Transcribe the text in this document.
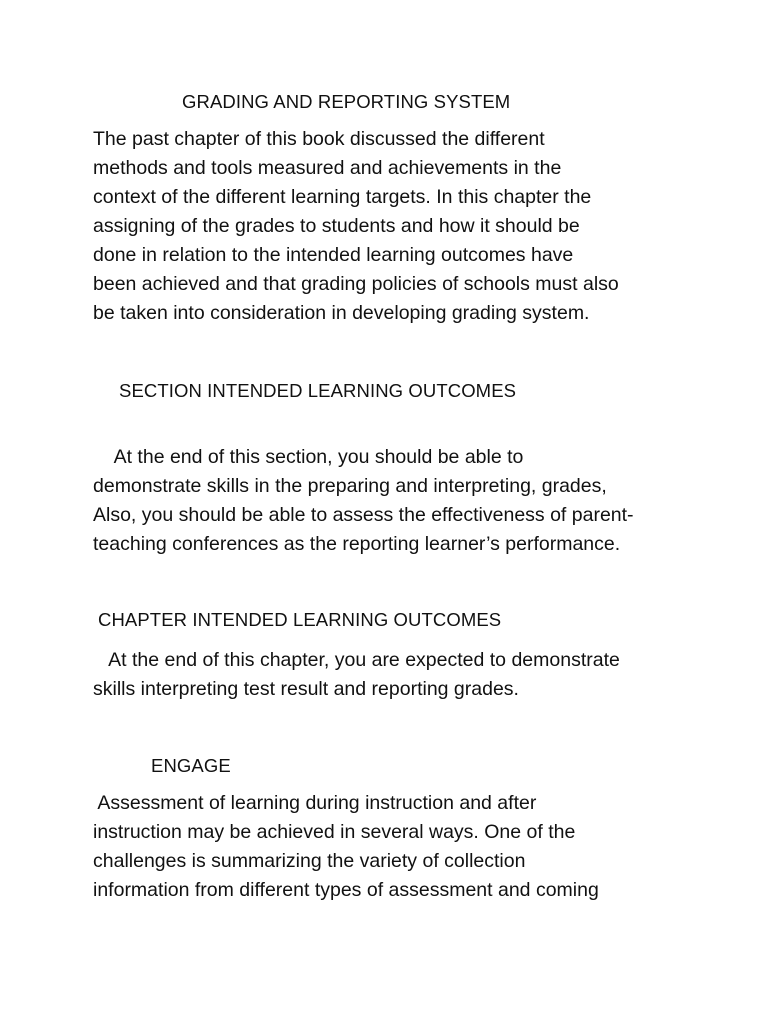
GRADING AND REPORTING SYSTEM
The past chapter of this book discussed the different
methods and tools measured and achievements in the
context of the different learning targets. In this chapter the
assigning of the grades to students and how it should be
done in relation to the intended learning outcomes have
been achieved and that grading policies of schools must also
be taken into consideration in developing grading system.
SECTION INTENDED LEARNING OUTCOMES
At the end of this section, you should be able to
demonstrate skills in the preparing and interpreting, grades,
Also, you should be able to assess the effectiveness of parent-
teaching conferences as the reporting learner’s performance.
CHAPTER INTENDED LEARNING OUTCOMES
At the end of this chapter, you are expected to demonstrate
skills interpreting test result and reporting grades.
ENGAGE
Assessment of learning during instruction and after
instruction may be achieved in several ways. One of the
challenges is summarizing the variety of collection
information from different types of assessment and coming
